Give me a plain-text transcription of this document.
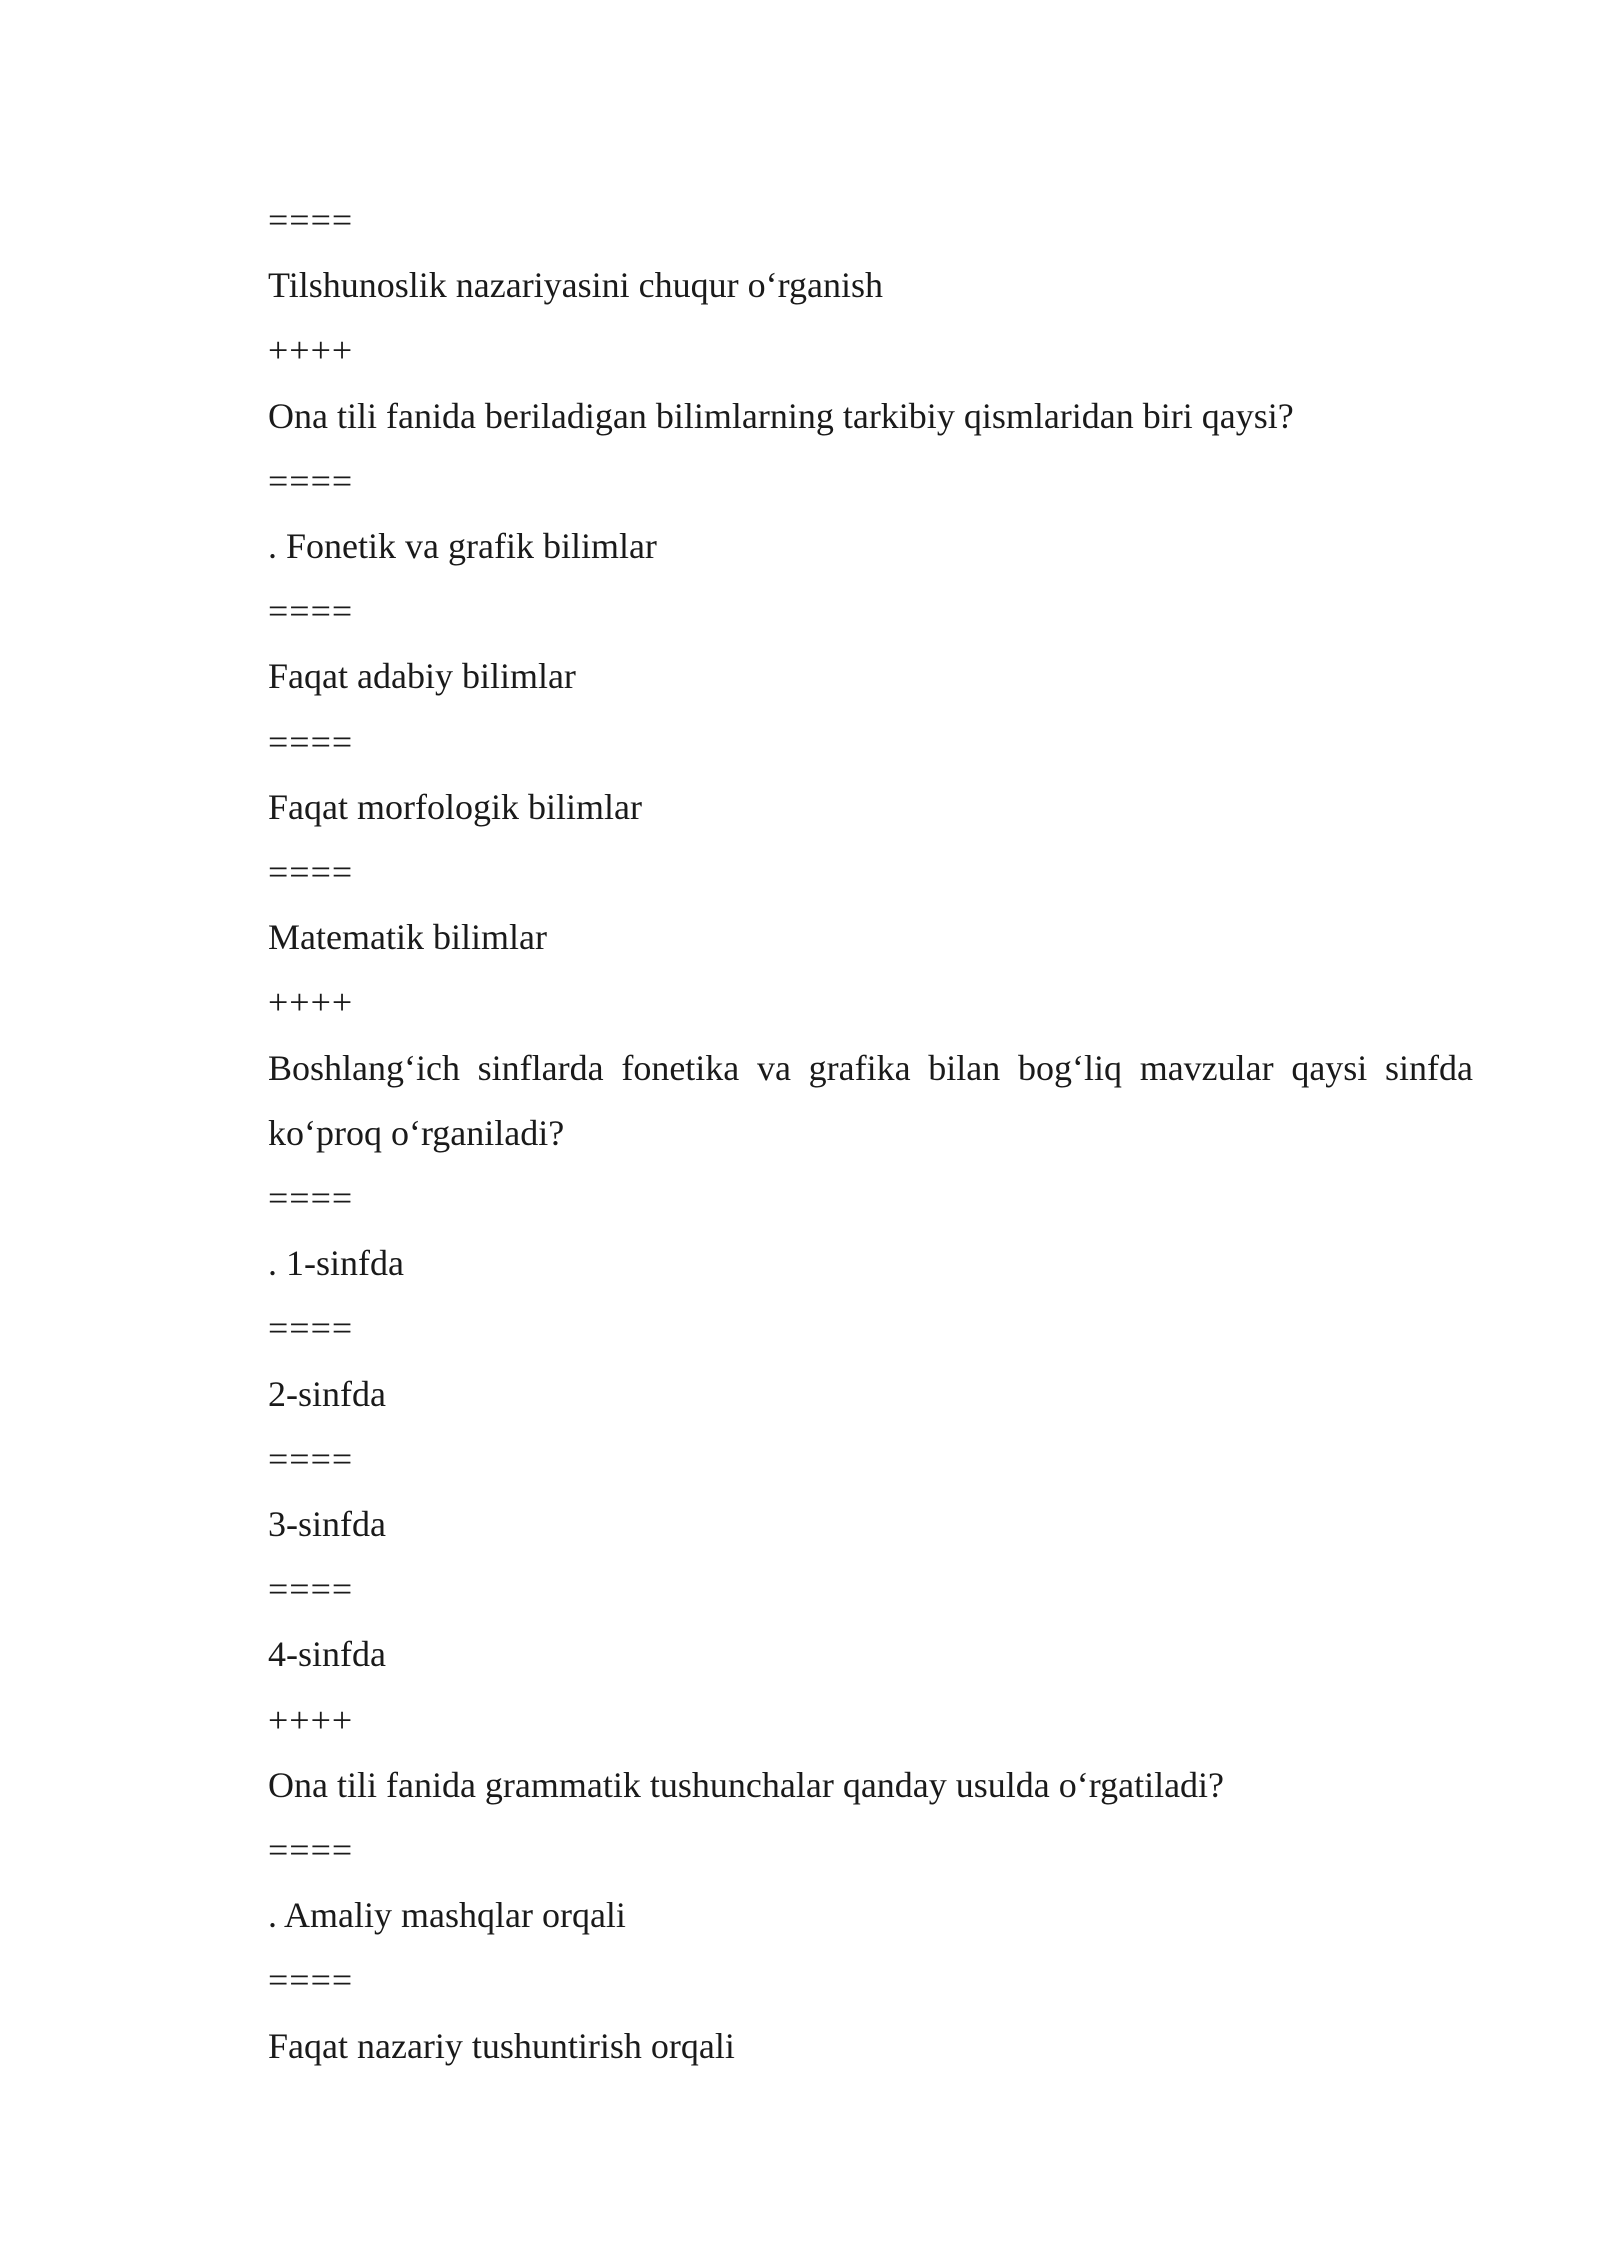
====

Tilshunoslik nazariyasini chuqur o‘rganish

++++

Ona tili fanida beriladigan bilimlarning tarkibiy qismlaridan biri qaysi?

====

. Fonetik va grafik bilimlar

====

Faqat adabiy bilimlar

====

Faqat morfologik bilimlar

====

Matematik bilimlar

++++

Boshlang‘ich sinflarda fonetika va grafika bilan bog‘liq mavzular qaysi sinfda ko‘proq o‘rganiladi?

====

. 1-sinfda

====

2-sinfda

====

3-sinfda

====

4-sinfda

++++

Ona tili fanida grammatik tushunchalar qanday usulda o‘rgatiladi?

====

. Amaliy mashqlar orqali

====

Faqat nazariy tushuntirish orqali
